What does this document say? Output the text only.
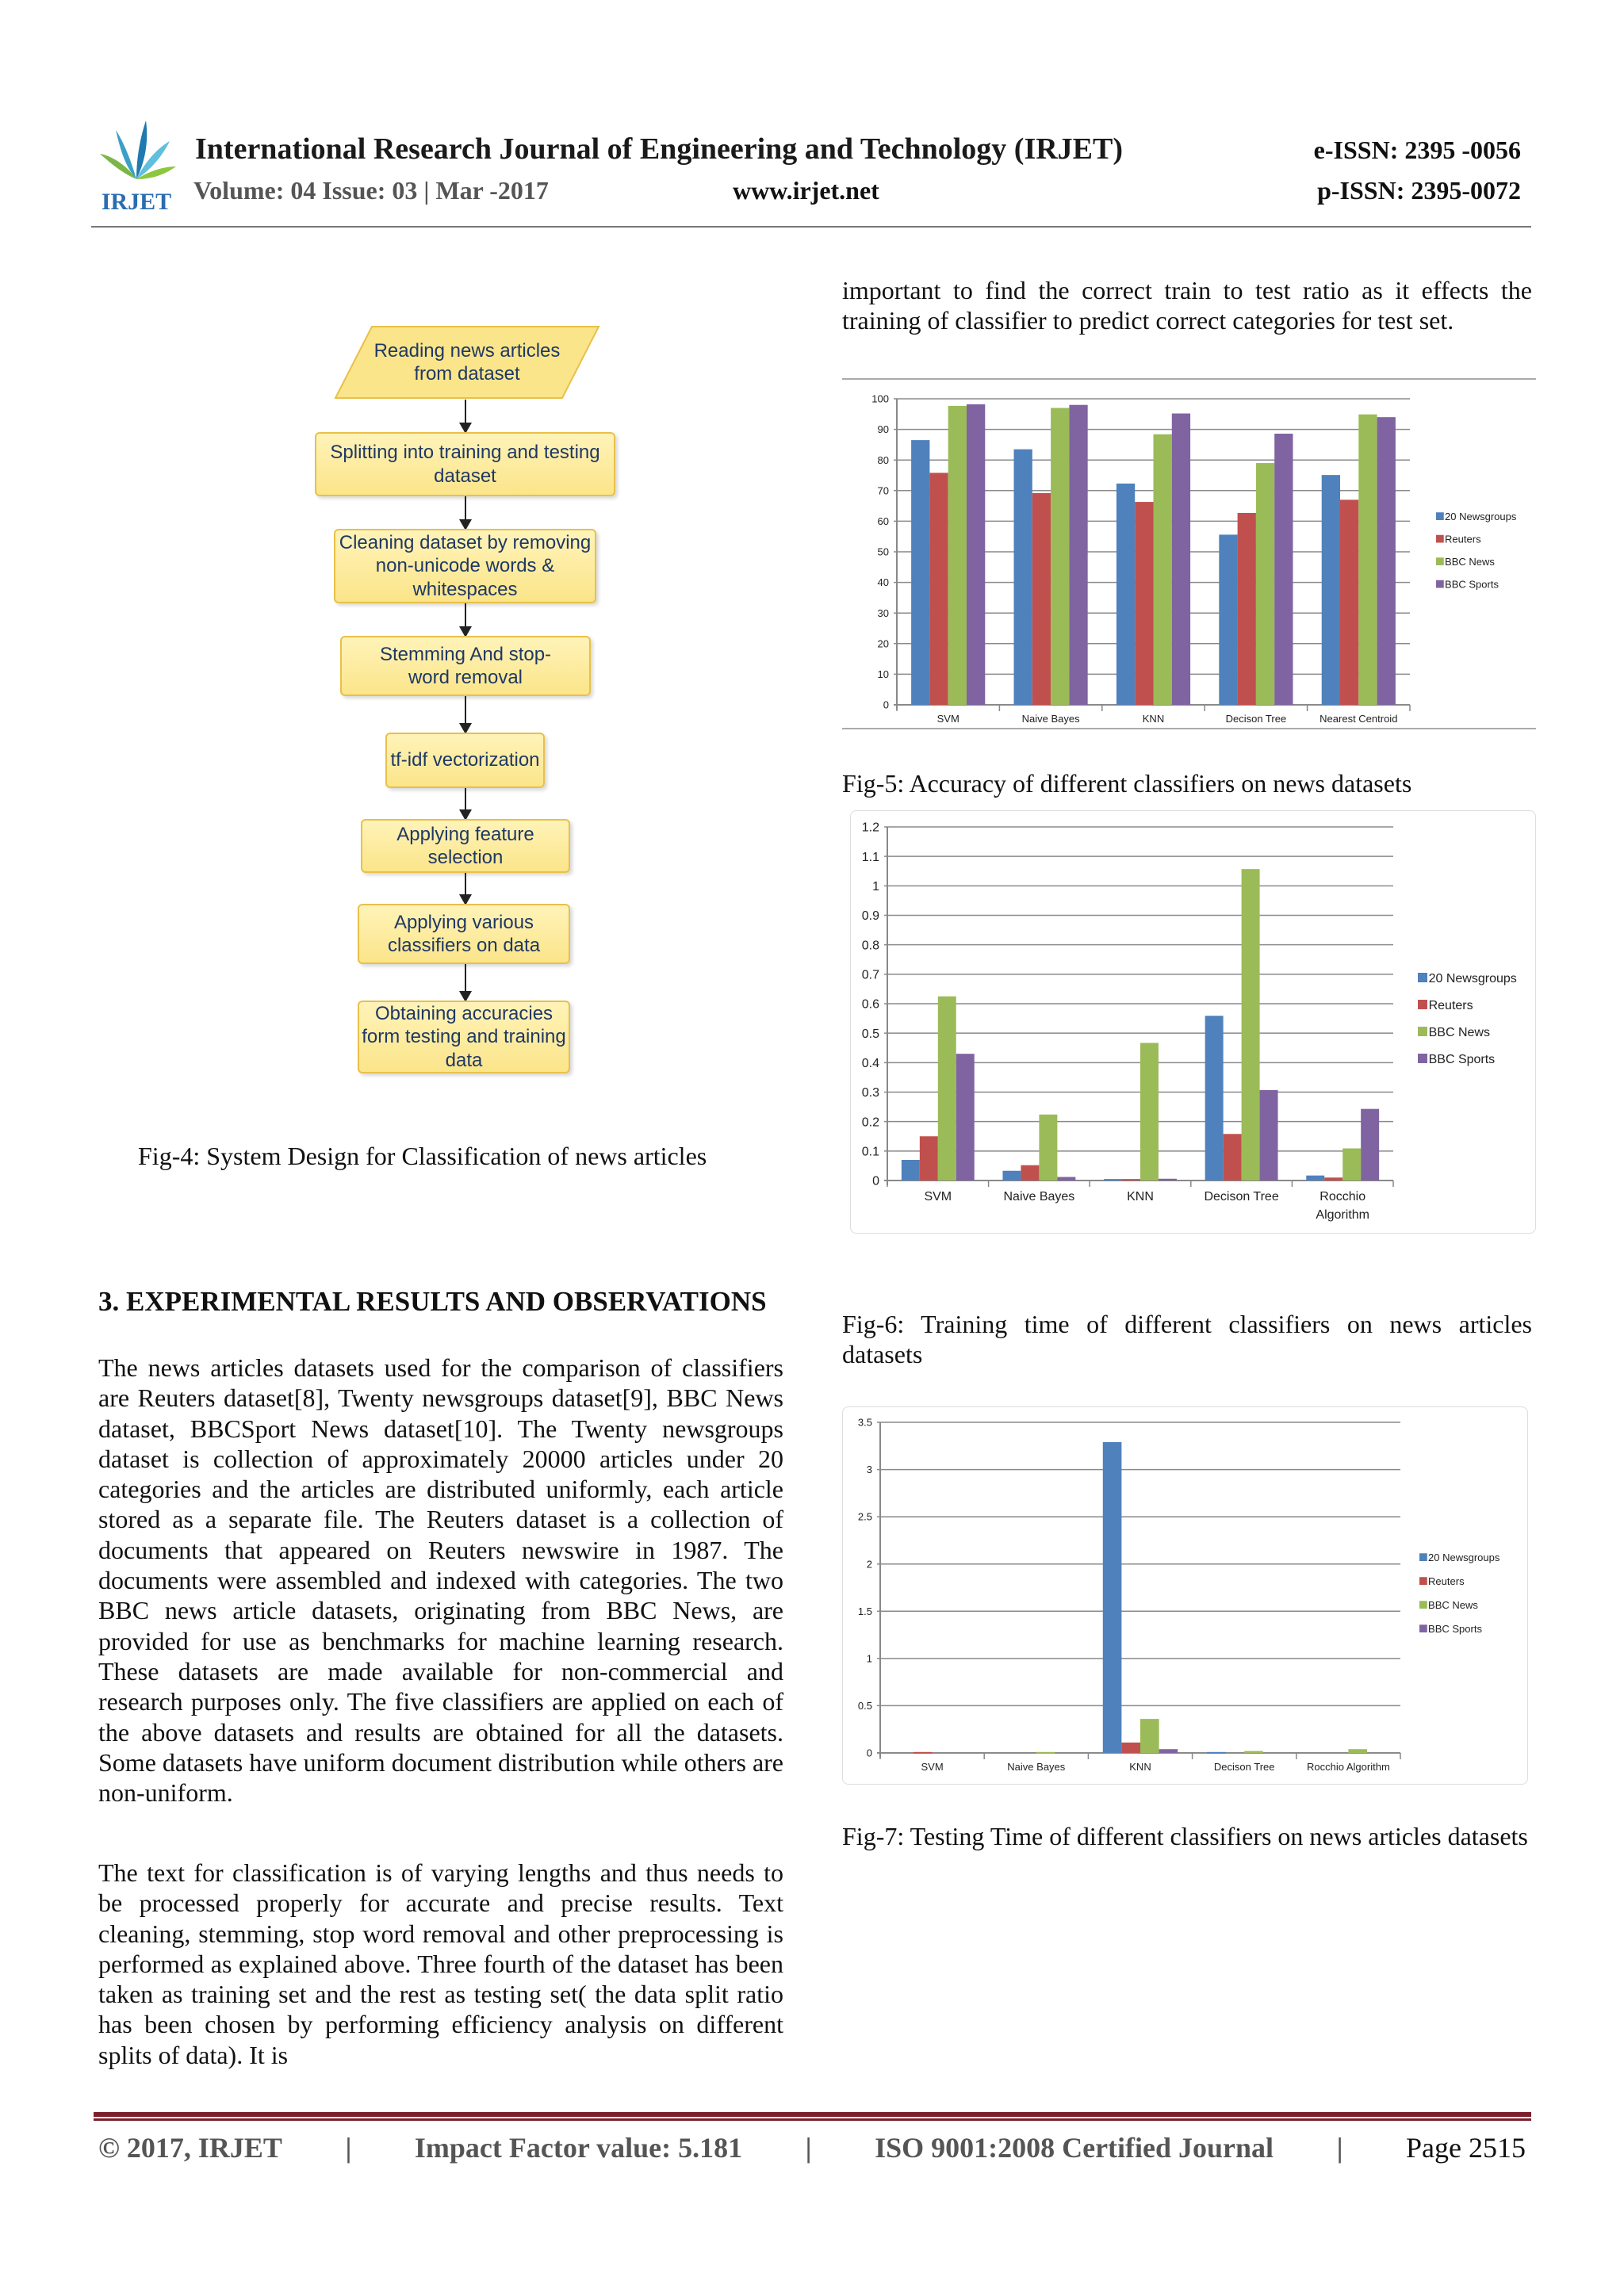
IRJET
International Research Journal of Engineering and Technology (IRJET)	e-ISSN: 2395 -0056
Volume: 04 Issue: 03 | Mar -2017	www.irjet.net	p-ISSN: 2395-0072
Reading news articles from dataset
Splitting into training and testing dataset
Cleaning dataset by removing non-unicode words & whitespaces
Stemming And stop-word removal
tf-idf vectorization
Applying feature selection
Applying various classifiers on data
Obtaining accuracies form testing and training data
Fig-4: System Design for Classification of news articles
3. EXPERIMENTAL RESULTS AND OBSERVATIONS

The news articles datasets used for the comparison of classifiers are Reuters dataset[8], Twenty newsgroups dataset[9], BBC News dataset, BBCSport News dataset[10]. The Twenty newsgroups dataset is collection of approximately 20000 articles under 20 categories and the articles are distributed uniformly, each article stored as a separate file. The Reuters dataset is a collection of documents that appeared on Reuters newswire in 1987. The documents were assembled and indexed with categories. The two BBC news article datasets, originating from BBC News, are provided for use as benchmarks for machine learning research. These datasets are made available for non-commercial and research purposes only. The five classifiers are applied on each of the above datasets and results are obtained for all the datasets. Some datasets have uniform document distribution while others are non-uniform.

The text for classification is of varying lengths and thus needs to be processed properly for accurate and precise results. Text cleaning, stemming, stop word removal and other preprocessing is performed as explained above. Three fourth of the dataset has been taken as training set and the rest as testing set( the data split ratio has been chosen by performing efficiency analysis on different splits of data). It is

important to find the correct train to test ratio as it effects the training of classifier to predict correct categories for test set.

0
10
20
30
40
50
60
70
80
90
100
SVM	Naive Bayes	KNN	Decison Tree	Nearest Centroid
20 Newsgroups
Reuters
BBC News
BBC Sports
Fig-5: Accuracy of different classifiers on news datasets
0
0.1
0.2
0.3
0.4
0.5
0.6
0.7
0.8
0.9
1
1.1
1.2
SVM	Naive Bayes	KNN	Decison Tree	Rocchio
Algorithm
20 Newsgroups
Reuters
BBC News
BBC Sports

Fig-6: Training time of different classifiers on news articles datasets

0
0.5
1
1.5
2
2.5
3
3.5
SVM	Naive Bayes	KNN	Decison Tree	Rocchio Algorithm
20 Newsgroups
Reuters
BBC News
BBC Sports

Fig-7: Testing Time of different classifiers on news articles datasets

© 2017, IRJET | Impact Factor value: 5.181 | ISO 9001:2008 Certified Journal | Page 2515
